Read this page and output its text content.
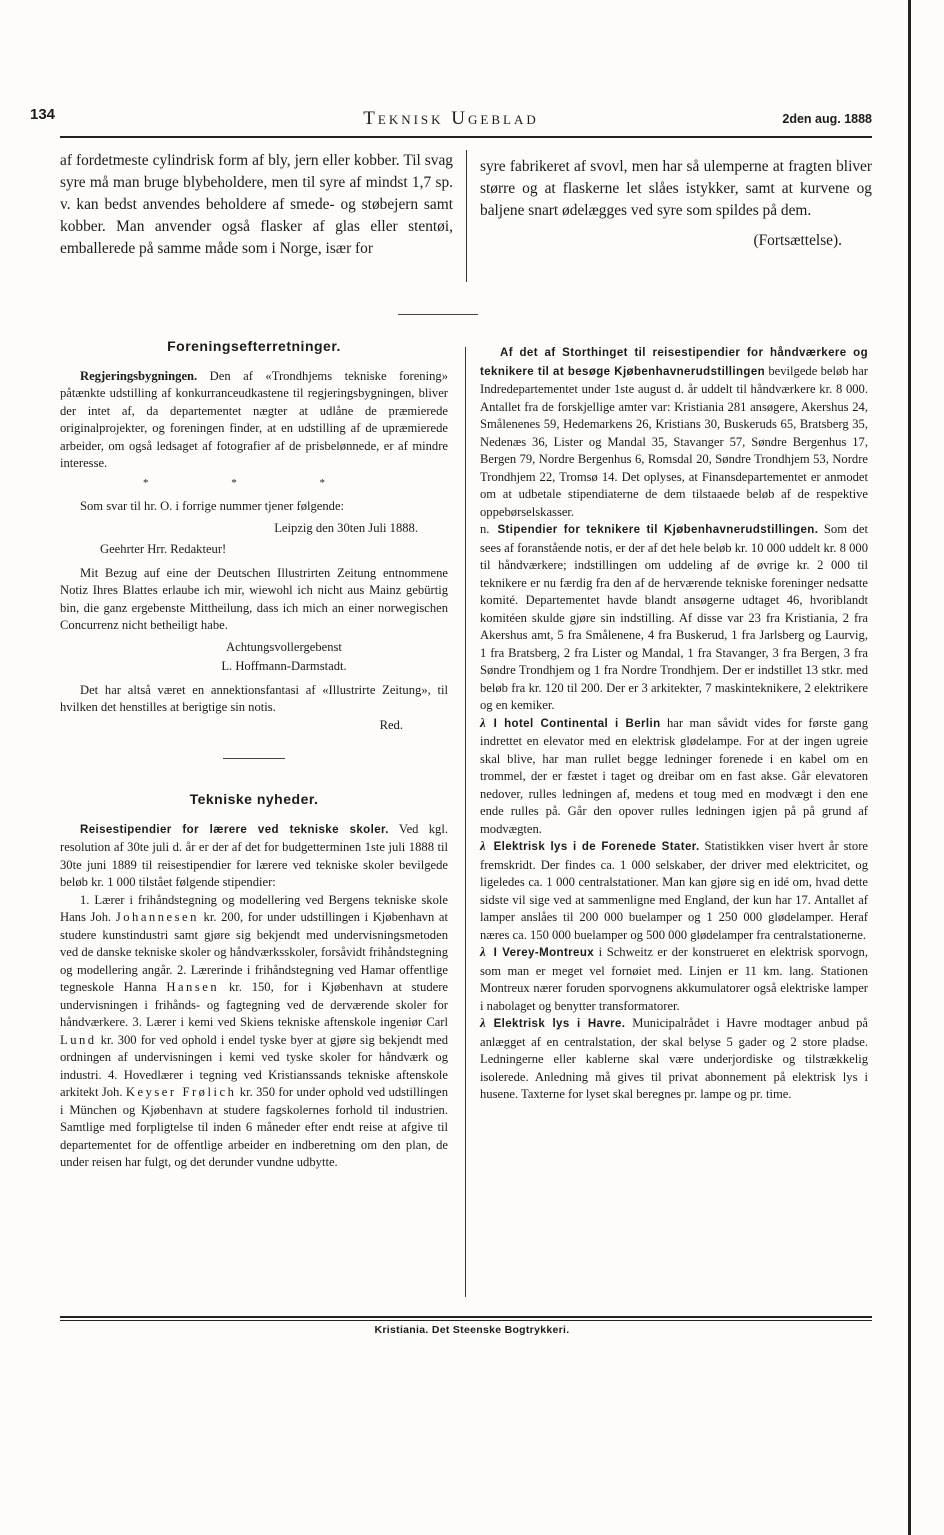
134	Teknisk Ugeblad	2den aug. 1888

af fordetmeste cylindrisk form af bly, jern eller kobber. Til svag syre må man bruge blybeholdere, men til syre af mindst 1,7 sp. v. kan bedst anvendes beholdere af smede- og støbejern samt kobber. Man anvender også flasker af glas eller stentøi, emballerede på samme måde som i Norge, især for

syre fabrikeret af svovl, men har så ulemperne at fragten bliver større og at flaskerne let slåes istykker, samt at kurvene og baljene snart ødelægges ved syre som spildes på dem.

(Fortsættelse).

Foreningsefterretninger.

Regjeringsbygningen. Den af «Trondhjems tekniske forening» påtænkte udstilling af konkurranceudkastene til regjeringsbygningen, bliver der intet af, da departementet nægter at udlåne de præmierede originalprojekter, og foreningen finder, at en udstilling af de upræmierede arbeider, om også ledsaget af fotografier af de prisbelønnede, er af mindre interesse.

* * *

Som svar til hr. O. i forrige nummer tjener følgende:

Leipzig den 30ten Juli 1888.

Geehrter Hrr. Redakteur!

Mit Bezug auf eine der Deutschen Illustrirten Zeitung entnommene Notiz Ihres Blattes erlaube ich mir, wiewohl ich nicht aus Mainz gebürtig bin, die ganz ergebenste Mittheilung, dass ich mich an einer norwegischen Concurrenz nicht betheiligt habe.

Achtungsvollergebenst

L. Hoffmann-Darmstadt.

Det har altså været en annektionsfantasi af «Illustrirte Zeitung», til hvilken det henstilles at berigtige sin notis.

Red.

Tekniske nyheder.

Reisestipendier for lærere ved tekniske skoler. Ved kgl. resolution af 30te juli d. år er der af det for budgetterminen 1ste juli 1888 til 30te juni 1889 til reisestipendier for lærere ved tekniske skoler bevilgede beløb kr. 1 000 tilstået følgende stipendier:

1. Lærer i frihåndstegning og modellering ved Bergens tekniske skole Hans Joh. Johannesen kr. 200, for under udstillingen i Kjøbenhavn at studere kunstindustri samt gjøre sig bekjendt med undervisningsmetoden ved de danske tekniske skoler og håndværksskoler, forsåvidt frihåndstegning og modellering angår. 2. Lærerinde i frihåndstegning ved Hamar offentlige tegneskole Hanna Hansen kr. 150, for i Kjøbenhavn at studere undervisningen i frihånds- og fagtegning ved de derværende skoler for håndværkere. 3. Lærer i kemi ved Skiens tekniske aftenskole ingeniør Carl Lund kr. 300 for ved ophold i endel tyske byer at gjøre sig bekjendt med ordningen af undervisningen i kemi ved tyske skoler for håndværk og industri. 4. Hovedlærer i tegning ved Kristianssands tekniske aftenskole arkitekt Joh. Keyser Frølich kr. 350 for under ophold ved udstillingen i München og Kjøbenhavn at studere fagskolernes forhold til industrien. Samtlige med forpligtelse til inden 6 måneder efter endt reise at afgive til departementet for de offentlige arbeider en indberetning om den plan, de under reisen har fulgt, og det derunder vundne udbytte.

Af det af Storthinget til reisestipendier for håndværkere og teknikere til at besøge Kjøbenhavnerudstillingen bevilgede beløb har Indredepartementet under 1ste august d. år uddelt til håndværkere kr. 8 000. Antallet fra de forskjellige amter var: Kristiania 281 ansøgere, Akershus 24, Smålenenes 59, Hedemarkens 26, Kristians 30, Buskeruds 65, Bratsberg 35, Nedenæs 36, Lister og Mandal 35, Stavanger 57, Søndre Bergenhus 17, Bergen 79, Nordre Bergenhus 6, Romsdal 20, Søndre Trondhjem 53, Nordre Trondhjem 22, Tromsø 14. Det oplyses, at Finansdepartementet er anmodet om at udbetale stipendiaterne de dem tilstaaede beløb af de respektive oppebørselskasser.

n. Stipendier for teknikere til Kjøbenhavnerudstillingen. Som det sees af foranstående notis, er der af det hele beløb kr. 10 000 uddelt kr. 8 000 til håndværkere; indstillingen om uddeling af de øvrige kr. 2 000 til teknikere er nu færdig fra den af de herværende tekniske foreninger nedsatte komité. Departementet havde blandt ansøgerne udtaget 46, hvoriblandt komitéen skulde gjøre sin indstilling. Af disse var 23 fra Kristiania, 2 fra Akershus amt, 5 fra Smålenene, 4 fra Buskerud, 1 fra Jarlsberg og Laurvig, 1 fra Bratsberg, 2 fra Lister og Mandal, 1 fra Stavanger, 3 fra Bergen, 3 fra Søndre Trondhjem og 1 fra Nordre Trondhjem. Der er indstillet 13 stkr. med beløb fra kr. 120 til 200. Der er 3 arkitekter, 7 maskinteknikere, 2 elektrikere og en kemiker.

λ I hotel Continental i Berlin har man såvidt vides for første gang indrettet en elevator med en elektrisk glødelampe. For at der ingen ugreie skal blive, har man rullet begge ledninger forenede i en kabel om en trommel, der er fæstet i taget og dreibar om en fast akse. Går elevatoren nedover, rulles ledningen af, medens et toug med en modvægt i den ene ende rulles på. Går den opover rulles ledningen igjen på på grund af modvægten.

λ Elektrisk lys i de Forenede Stater. Statistikken viser hvert år store fremskridt. Der findes ca. 1 000 selskaber, der driver med elektricitet, og ligeledes ca. 1 000 centralstationer. Man kan gjøre sig en idé om, hvad dette sidste vil sige ved at sammenligne med England, der kun har 17. Antallet af lamper anslåes til 200 000 buelamper og 1 250 000 glødelamper. Heraf næres ca. 150 000 buelamper og 500 000 glødelamper fra centralstationerne.

λ I Verey-Montreux i Schweitz er der konstrueret en elektrisk sporvogn, som man er meget vel fornøiet med. Linjen er 11 km. lang. Stationen Montreux nærer foruden sporvognens akkumulatorer også elektriske lamper i nabolaget og benytter transformatorer.

λ Elektrisk lys i Havre. Municipalrådet i Havre modtager anbud på anlægget af en centralstation, der skal belyse 5 gader og 2 store pladse. Ledningerne eller kablerne skal være underjordiske og tilstrækkelig isolerede. Anledning må gives til privat abonnement på elektrisk lys i husene. Taxterne for lyset skal beregnes pr. lampe og pr. time.

Kristiania. Det Steenske Bogtrykkeri.
